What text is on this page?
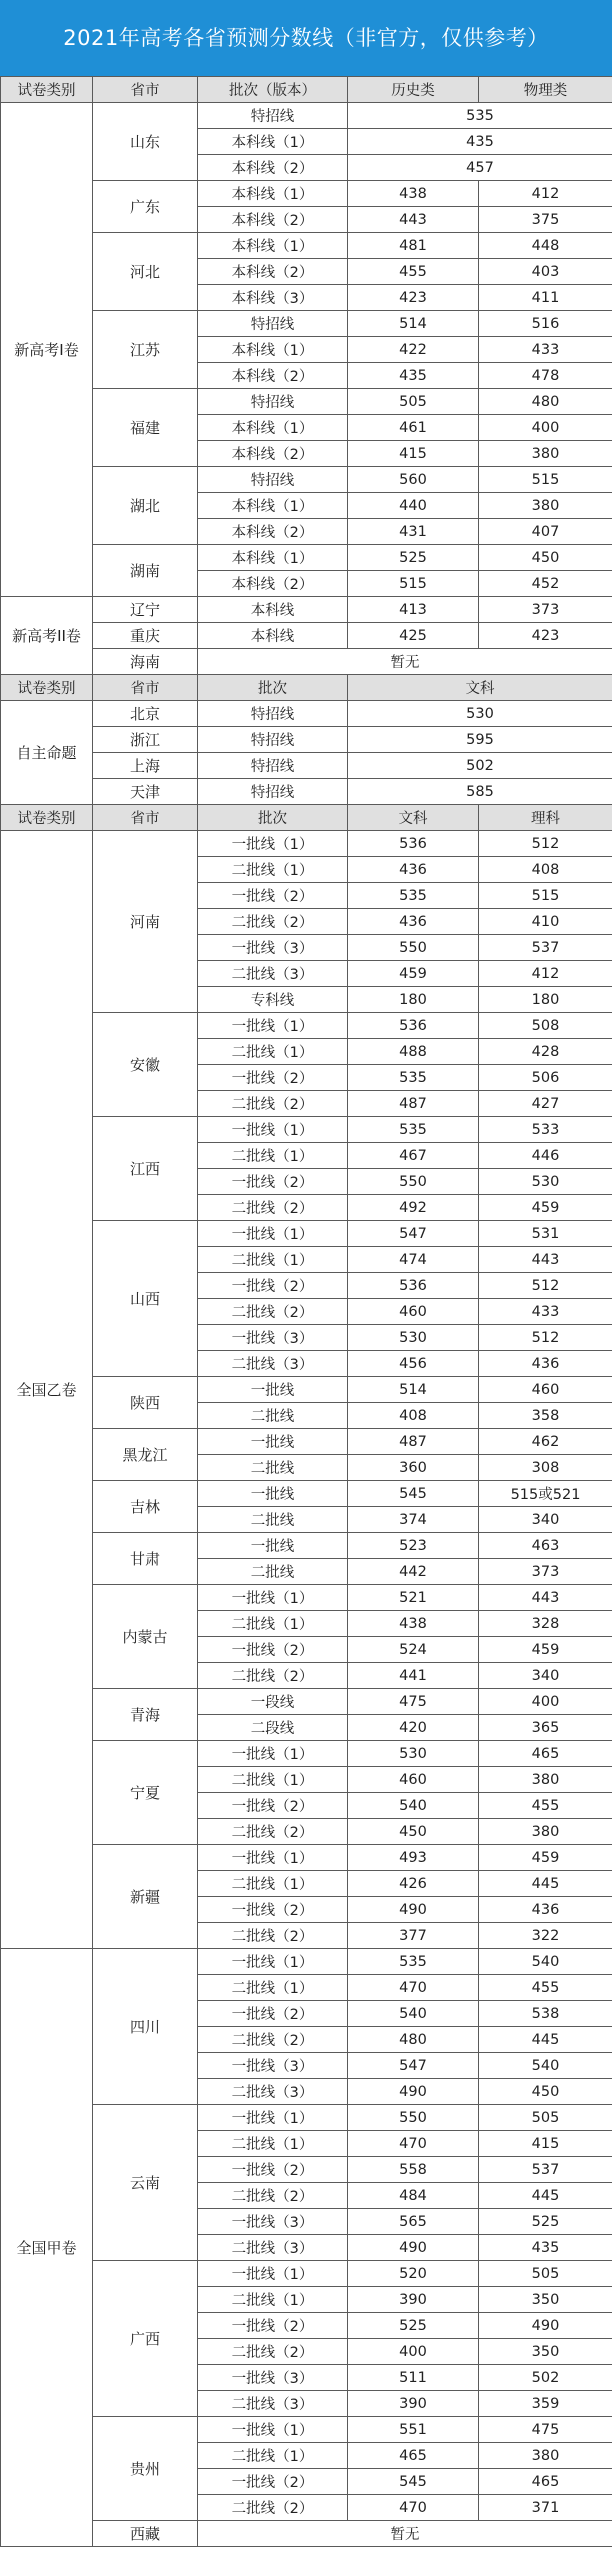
2021年高考各省预测分数线（非官方，仅供参考）
试卷类别	省市	批次（版本）	历史类	物理类
新高考I卷	山东	特招线	535	
		本科线（1）	435	
		本科线（2）	457	
	广东	本科线（1）	438	412
		本科线（2）	443	375
	河北	本科线（1）	481	448
		本科线（2）	455	403
		本科线（3）	423	411
	江苏	特招线	514	516
		本科线（1）	422	433
		本科线（2）	435	478
	福建	特招线	505	480
		本科线（1）	461	400
		本科线（2）	415	380
	湖北	特招线	560	515
		本科线（1）	440	380
		本科线（2）	431	407
	湖南	本科线（1）	525	450
		本科线（2）	515	452
新高考II卷	辽宁	本科线	413	373
	重庆	本科线	425	423
	海南	暂无		
试卷类别	省市	批次	文科	
自主命题	北京	特招线	530	
	浙江	特招线	595	
	上海	特招线	502	
	天津	特招线	585	
试卷类别	省市	批次	文科	理科
全国乙卷	河南	一批线（1）	536	512
		二批线（1）	436	408
		一批线（2）	535	515
		二批线（2）	436	410
		一批线（3）	550	537
		二批线（3）	459	412
		专科线	180	180
	安徽	一批线（1）	536	508
		二批线（1）	488	428
		一批线（2）	535	506
		二批线（2）	487	427
	江西	一批线（1）	535	533
		二批线（1）	467	446
		一批线（2）	550	530
		二批线（2）	492	459
	山西	一批线（1）	547	531
		二批线（1）	474	443
		一批线（2）	536	512
		二批线（2）	460	433
		一批线（3）	530	512
		二批线（3）	456	436
	陕西	一批线	514	460
		二批线	408	358
	黑龙江	一批线	487	462
		二批线	360	308
	吉林	一批线	545	515或521
		二批线	374	340
	甘肃	一批线	523	463
		二批线	442	373
	内蒙古	一批线（1）	521	443
		二批线（1）	438	328
		一批线（2）	524	459
		二批线（2）	441	340
	青海	一段线	475	400
		二段线	420	365
	宁夏	一批线（1）	530	465
		二批线（1）	460	380
		一批线（2）	540	455
		二批线（2）	450	380
	新疆	一批线（1）	493	459
		二批线（1）	426	445
		一批线（2）	490	436
		二批线（2）	377	322
全国甲卷	四川	一批线（1）	535	540
		二批线（1）	470	455
		一批线（2）	540	538
		二批线（2）	480	445
		一批线（3）	547	540
		二批线（3）	490	450
	云南	一批线（1）	550	505
		二批线（1）	470	415
		一批线（2）	558	537
		二批线（2）	484	445
		一批线（3）	565	525
		二批线（3）	490	435
	广西	一批线（1）	520	505
		二批线（1）	390	350
		一批线（2）	525	490
		二批线（2）	400	350
		一批线（3）	511	502
		二批线（3）	390	359
	贵州	一批线（1）	551	475
		二批线（1）	465	380
		一批线（2）	545	465
		二批线（2）	470	371
	西藏	暂无		
